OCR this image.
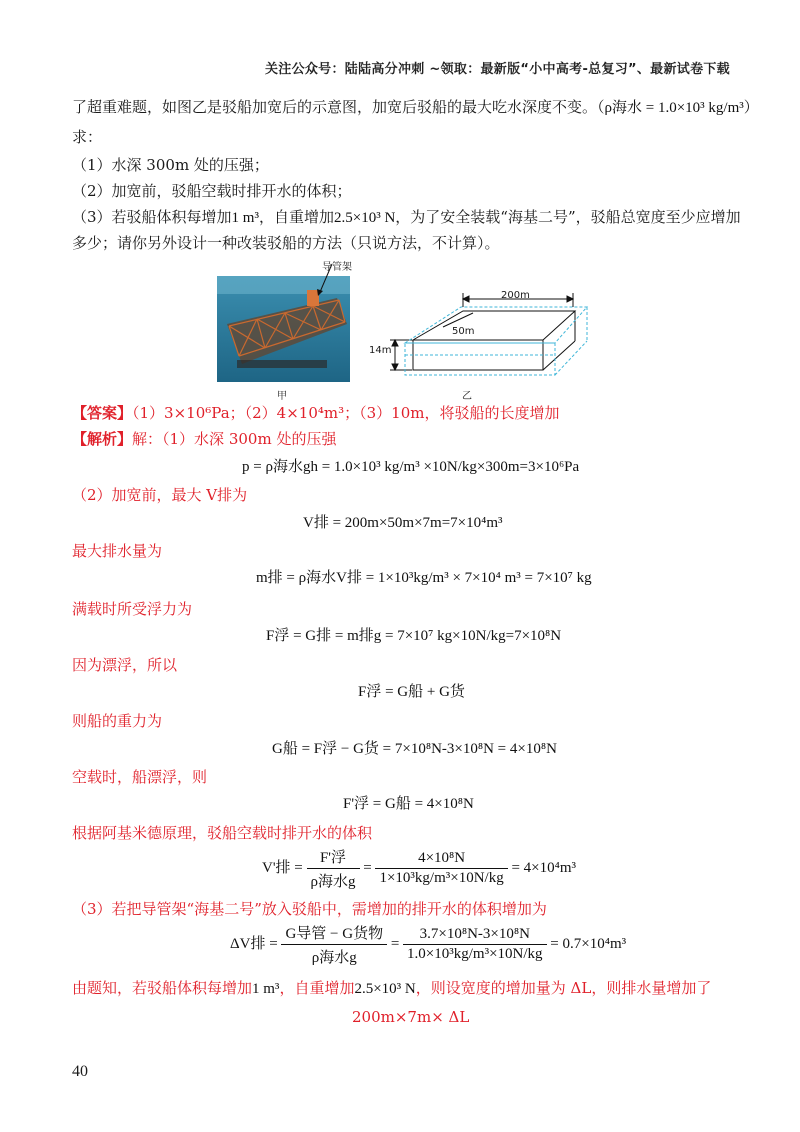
关注公众号：陆陆高分冲刺 ~领取：最新版“小中高考-总复习”、最新试卷下载
了超重难题，如图乙是驳船加宽后的示意图，加宽后驳船的最大吃水深度不变。（ρ海水 = 1.0×10³ kg/m³）
求：
（1）水深 300m 处的压强；
（2）加宽前，驳船空载时排开水的体积；
（3）若驳船体积每增加1 m³，自重增加2.5×10³ N，为了安全装载“海基二号”，驳船总宽度至少应增加
多少；请你另外设计一种改装驳船的方法（只说方法，不计算）。
导管架
甲
200m
50m
14m
乙
【答案】（1）3×10⁶Pa；（2）4×10⁴m³；（3）10m，将驳船的长度增加
【解析】解：（1）水深 300m 处的压强
p = ρ海水gh = 1.0×10³ kg/m³ ×10N/kg×300m=3×10⁶Pa
（2）加宽前，最大 V排为
V排 = 200m×50m×7m=7×10⁴m³
最大排水量为
m排 = ρ海水V排 = 1×10³kg/m³ × 7×10⁴ m³ = 7×10⁷ kg
满载时所受浮力为
F浮 = G排 = m排g = 7×10⁷ kg×10N/kg=7×10⁸N
因为漂浮，所以
F浮 = G船 + G货
则船的重力为
G船 = F浮 − G货 = 7×10⁸N-3×10⁸N = 4×10⁸N
空载时，船漂浮，则
F'浮 = G船 = 4×10⁸N
根据阿基米德原理，驳船空载时排开水的体积
V'排 = $\frac{\text{F'浮}}{\text{ρ海水g}} = \frac{\text{4×10⁸N}}{\text{1×10³kg/m³×10N/kg}} = 4\times 10^4m^3$
（3）若把导管架“海基二号”放入驳船中，需增加的排开水的体积增加为
ΔV排 = $\frac{\text{G导管 − G货物}}{\text{ρ海水g}} = \frac{\text{3.7×10⁸N-3×10⁸N}}{\text{1.0×10³kg/m³×10N/kg}} = 0.7\times 10^4m^3$
由题知，若驳船体积每增加1 m³，自重增加2.5×10³ N，则设宽度的增加量为 ΔL，则排水量增加了
200m×7m× ΔL
40
